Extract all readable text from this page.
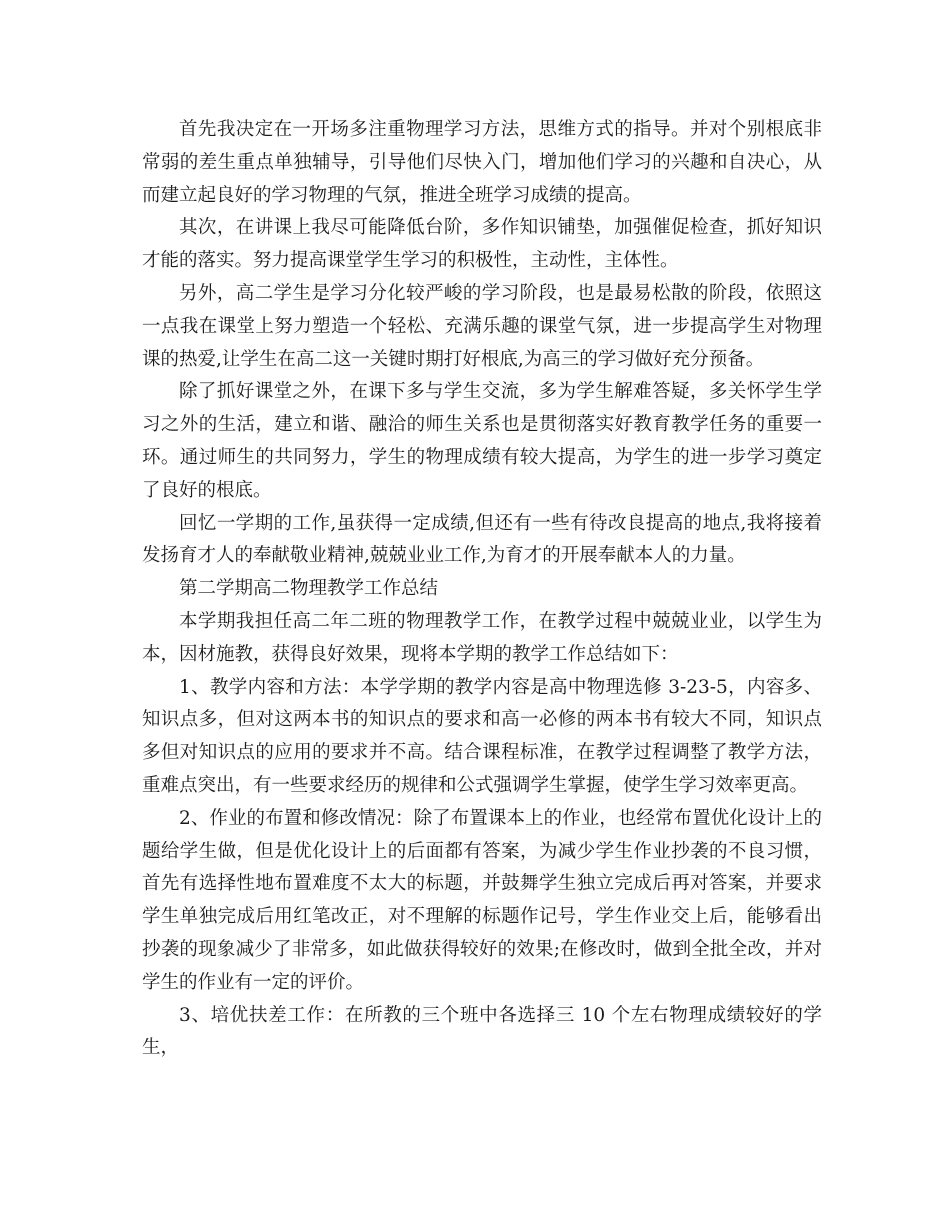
首先我决定在一开场多注重物理学习方法，思维方式的指导。并对个别根底非常弱的差生重点单独辅导，引导他们尽快入门，增加他们学习的兴趣和自决心，从而建立起良好的学习物理的气氛，推进全班学习成绩的提高。

其次，在讲课上我尽可能降低台阶，多作知识铺垫，加强催促检查，抓好知识才能的落实。努力提高课堂学生学习的积极性，主动性，主体性。

另外，高二学生是学习分化较严峻的学习阶段，也是最易松散的阶段，依照这一点我在课堂上努力塑造一个轻松、充满乐趣的课堂气氛，进一步提高学生对物理课的热爱,让学生在高二这一关键时期打好根底,为高三的学习做好充分预备。

除了抓好课堂之外，在课下多与学生交流，多为学生解难答疑，多关怀学生学习之外的生活，建立和谐、融洽的师生关系也是贯彻落实好教育教学任务的重要一环。通过师生的共同努力，学生的物理成绩有较大提高，为学生的进一步学习奠定了良好的根底。

回忆一学期的工作,虽获得一定成绩,但还有一些有待改良提高的地点,我将接着发扬育才人的奉献敬业精神,兢兢业业工作,为育才的开展奉献本人的力量。

第二学期高二物理教学工作总结

本学期我担任高二年二班的物理教学工作，在教学过程中兢兢业业，以学生为本，因材施教，获得良好效果，现将本学期的教学工作总结如下：

1、教学内容和方法：本学学期的教学内容是高中物理选修 3-23-5，内容多、知识点多，但对这两本书的知识点的要求和高一必修的两本书有较大不同，知识点多但对知识点的应用的要求并不高。结合课程标准，在教学过程调整了教学方法，重难点突出，有一些要求经历的规律和公式强调学生掌握，使学生学习效率更高。

2、作业的布置和修改情况：除了布置课本上的作业，也经常布置优化设计上的题给学生做，但是优化设计上的后面都有答案，为减少学生作业抄袭的不良习惯，首先有选择性地布置难度不太大的标题，并鼓舞学生独立完成后再对答案，并要求学生单独完成后用红笔改正，对不理解的标题作记号，学生作业交上后，能够看出抄袭的现象减少了非常多，如此做获得较好的效果;在修改时，做到全批全改，并对学生的作业有一定的评价。

3、培优扶差工作：在所教的三个班中各选择三 10 个左右物理成绩较好的学生，
